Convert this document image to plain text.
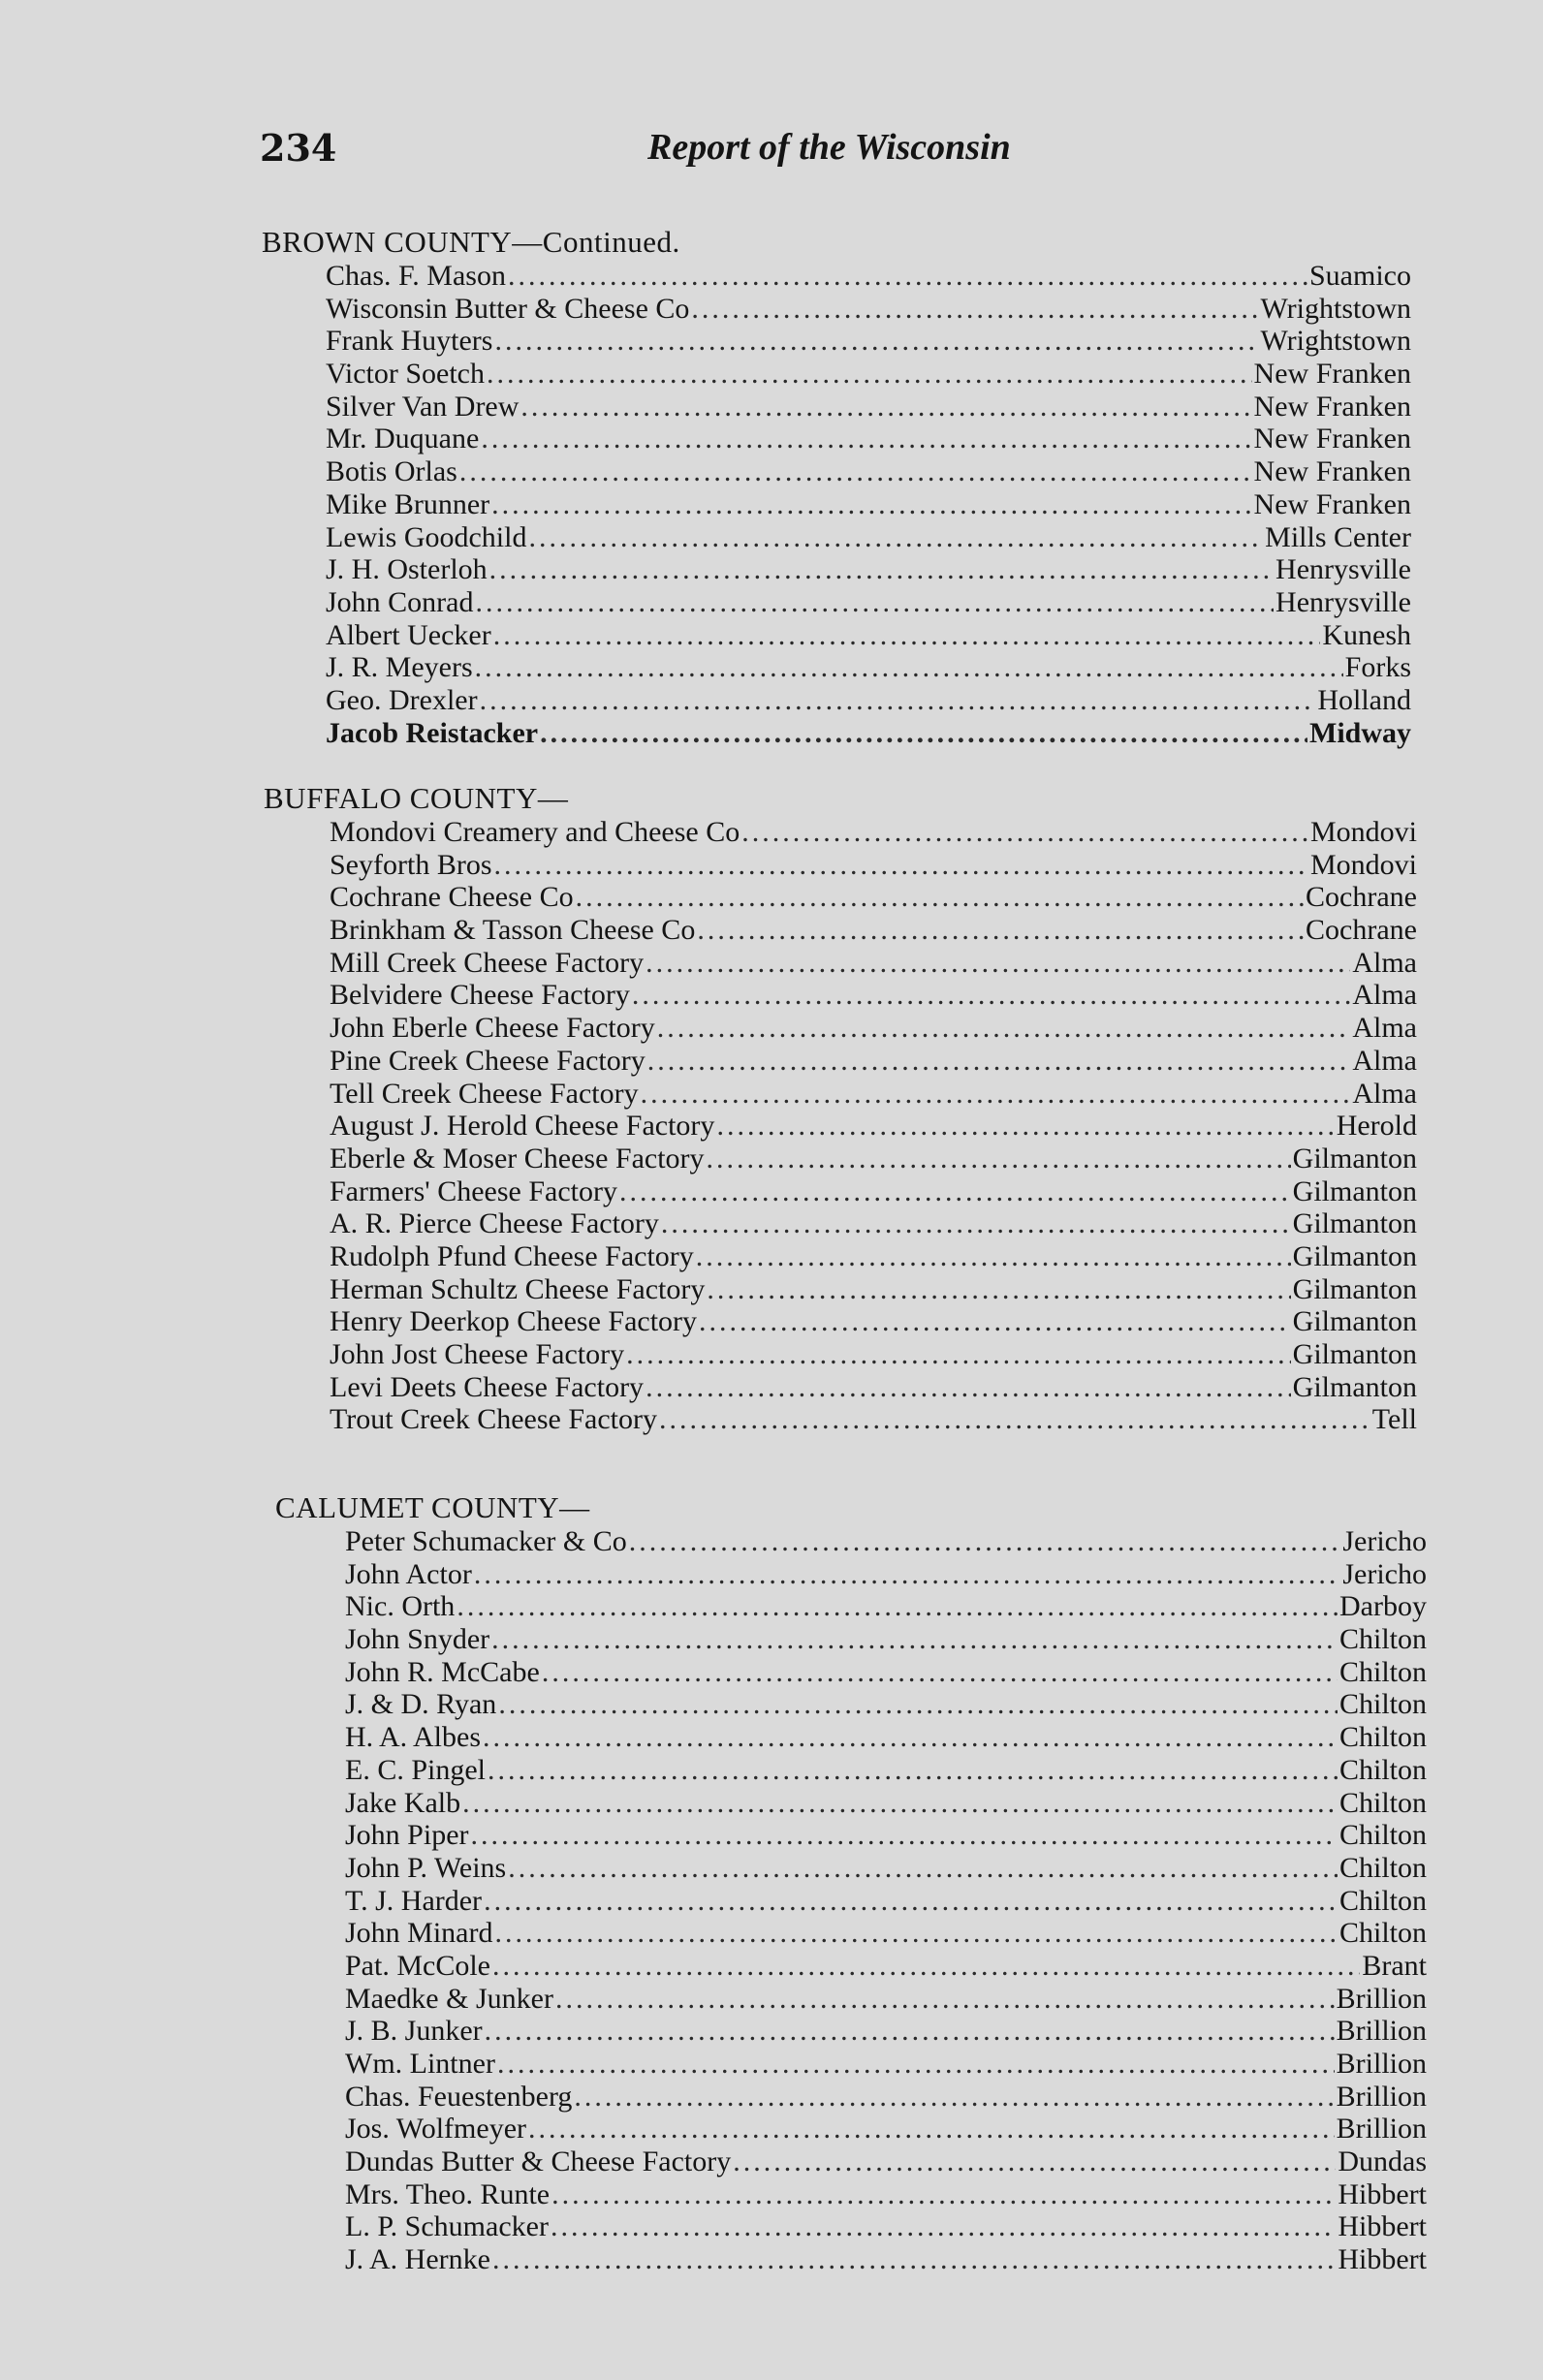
234	Report of the Wisconsin
BROWN COUNTY—Continued.
Chas. F. Mason .....	Suamico
Wisconsin Butter & Cheese Co .....	Wrightstown
Frank Huyters .....	Wrightstown
Victor Soetch .....	New Franken
Silver Van Drew .....	New Franken
Mr. Duquane .....	New Franken
Botis Orlas .....	New Franken
Mike Brunner .....	New Franken
Lewis Goodchild .....	Mills Center
J. H. Osterloh .....	Henrysville
John Conrad .....	Henrysville
Albert Uecker .....	Kunesh
J. R. Meyers .....	Forks
Geo. Drexler .....	Holland
Jacob Reistacker .....	Midway
BUFFALO COUNTY—
Mondovi Creamery and Cheese Co .....	Mondovi
Seyforth Bros .....	Mondovi
Cochrane Cheese Co .....	Cochrane
Brinkham & Tasson Cheese Co .....	Cochrane
Mill Creek Cheese Factory .....	Alma
Belvidere Cheese Factory .....	Alma
John Eberle Cheese Factory .....	Alma
Pine Creek Cheese Factory .....	Alma
Tell Creek Cheese Factory .....	Alma
August J. Herold Cheese Factory .....	Herold
Eberle & Moser Cheese Factory .....	Gilmanton
Farmers' Cheese Factory .....	Gilmanton
A. R. Pierce Cheese Factory .....	Gilmanton
Rudolph Pfund Cheese Factory .....	Gilmanton
Herman Schultz Cheese Factory .....	Gilmanton
Henry Deerkop Cheese Factory .....	Gilmanton
John Jost Cheese Factory .....	Gilmanton
Levi Deets Cheese Factory .....	Gilmanton
Trout Creek Cheese Factory .....	Tell
CALUMET COUNTY—
Peter Schumacker & Co .....	Jericho
John Actor .....	Jericho
Nic. Orth .....	Darboy
John Snyder .....	Chilton
John R. McCabe .....	Chilton
J. & D. Ryan .....	Chilton
H. A. Albes .....	Chilton
E. C. Pingel .....	Chilton
Jake Kalb .....	Chilton
John Piper .....	Chilton
John P. Weins .....	Chilton
T. J. Harder .....	Chilton
John Minard .....	Chilton
Pat. McCole .....	Brant
Maedke & Junker .....	Brillion
J. B. Junker .....	Brillion
Wm. Lintner .....	Brillion
Chas. Feuestenberg .....	Brillion
Jos. Wolfmeyer .....	Brillion
Dundas Butter & Cheese Factory .....	Dundas
Mrs. Theo. Runte .....	Hibbert
L. P. Schumacker .....	Hibbert
J. A. Hernke .....	Hibbert
